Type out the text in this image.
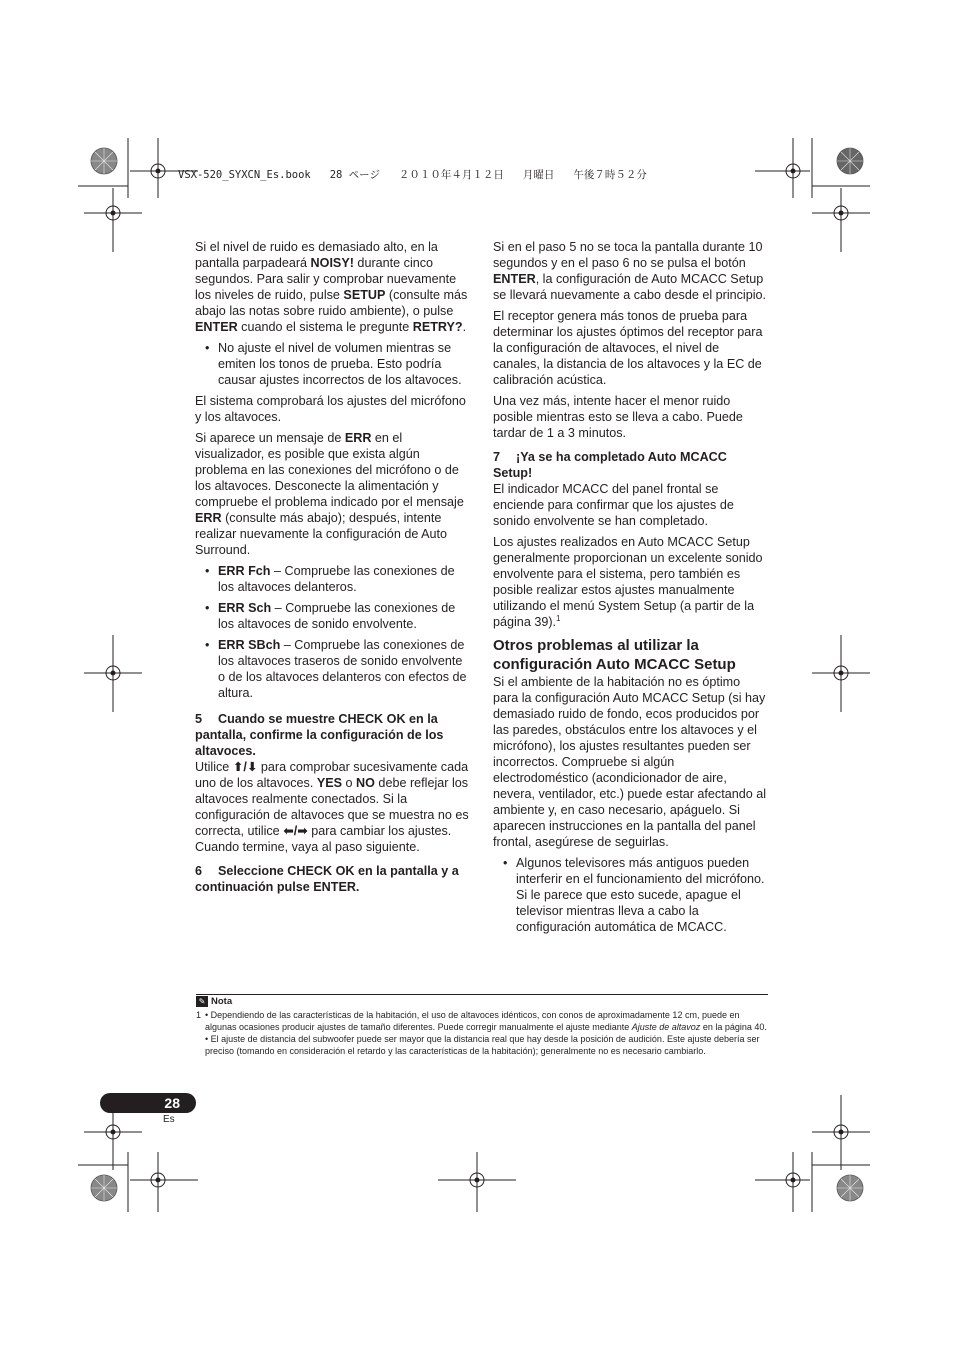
VSX-520_SYXCN_Es.book   28 ページ   ２０１０年４月１２日   月曜日   午後７時５２分

Si el nivel de ruido es demasiado alto, en la pantalla parpadeará NOISY! durante cinco segundos. Para salir y comprobar nuevamente los niveles de ruido, pulse SETUP (consulte más abajo las notas sobre ruido ambiente), o pulse ENTER cuando el sistema le pregunte RETRY?.

• No ajuste el nivel de volumen mientras se emiten los tonos de prueba. Esto podría causar ajustes incorrectos de los altavoces.

El sistema comprobará los ajustes del micrófono y los altavoces.

Si aparece un mensaje de ERR en el visualizador, es posible que exista algún problema en las conexiones del micrófono o de los altavoces. Desconecte la alimentación y compruebe el problema indicado por el mensaje ERR (consulte más abajo); después, intente realizar nuevamente la configuración de Auto Surround.

• ERR Fch – Compruebe las conexiones de los altavoces delanteros.
• ERR Sch – Compruebe las conexiones de los altavoces de sonido envolvente.
• ERR SBch – Compruebe las conexiones de los altavoces traseros de sonido envolvente o de los altavoces delanteros con efectos de altura.
5 Cuando se muestre CHECK OK en la pantalla, confirme la configuración de los altavoces.

Utilice ⬆/⬇ para comprobar sucesivamente cada uno de los altavoces. YES o NO debe reflejar los altavoces realmente conectados. Si la configuración de altavoces que se muestra no es correcta, utilice ⬅/➡ para cambiar los ajustes. Cuando termine, vaya al paso siguiente.

6 Seleccione CHECK OK en la pantalla y a continuación pulse ENTER.

Si en el paso 5 no se toca la pantalla durante 10 segundos y en el paso 6 no se pulsa el botón ENTER, la configuración de Auto MCACC Setup se llevará nuevamente a cabo desde el principio.

El receptor genera más tonos de prueba para determinar los ajustes óptimos del receptor para la configuración de altavoces, el nivel de canales, la distancia de los altavoces y la EC de calibración acústica.

Una vez más, intente hacer el menor ruido posible mientras esto se lleva a cabo. Puede tardar de 1 a 3 minutos.

7 ¡Ya se ha completado Auto MCACC Setup!

El indicador MCACC del panel frontal se enciende para confirmar que los ajustes de sonido envolvente se han completado.

Los ajustes realizados en Auto MCACC Setup generalmente proporcionan un excelente sonido envolvente para el sistema, pero también es posible realizar estos ajustes manualmente utilizando el menú System Setup (a partir de la página 39).$^1$

Otros problemas al utilizar la configuración Auto MCACC Setup

Si el ambiente de la habitación no es óptimo para la configuración Auto MCACC Setup (si hay demasiado ruido de fondo, ecos producidos por las paredes, obstáculos entre los altavoces y el micrófono), los ajustes resultantes pueden ser incorrectos. Compruebe si algún electrodoméstico (acondicionador de aire, nevera, ventilador, etc.) puede estar afectando al ambiente y, en caso necesario, apáguelo. Si aparecen instrucciones en la pantalla del panel frontal, asegúrese de seguirlas.

• Algunos televisores más antiguos pueden interferir en el funcionamiento del micrófono. Si le parece que esto sucede, apague el televisor mientras lleva a cabo la configuración automática de MCACC.
✎ Nota
1 • Dependiendo de las características de la habitación, el uso de altavoces idénticos, con conos de aproximadamente 12 cm, puede en algunas ocasiones producir ajustes de tamaño diferentes. Puede corregir manualmente el ajuste mediante Ajuste de altavoz en la página 40.
• El ajuste de distancia del subwoofer puede ser mayor que la distancia real que hay desde la posición de audición. Este ajuste debería ser preciso (tomando en consideración el retardo y las características de la habitación); generalmente no es necesario cambiarlo.
28
Es
